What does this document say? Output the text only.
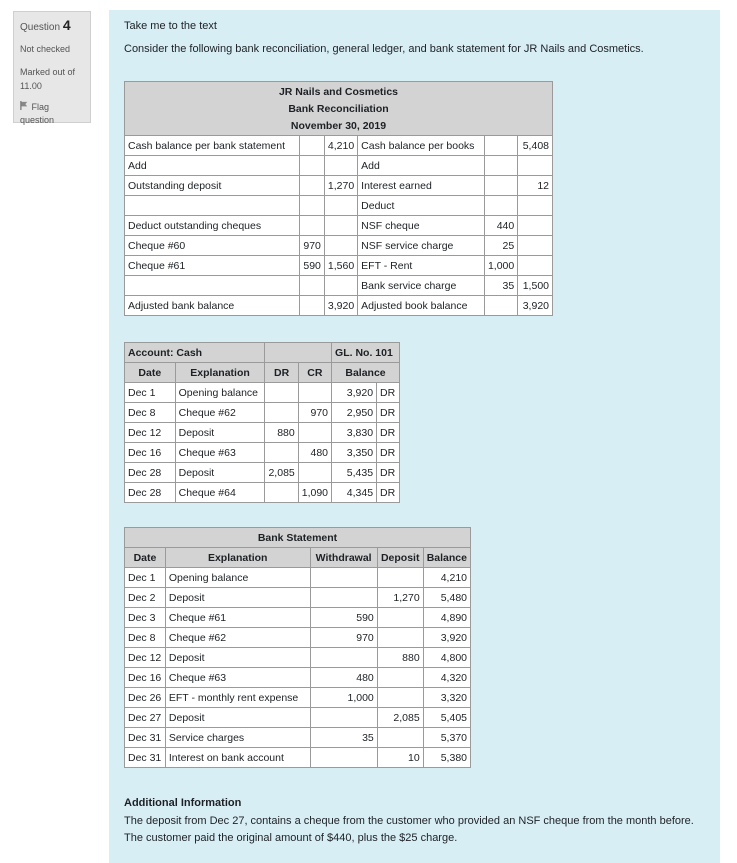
Question 4
Not checked
Marked out of
11.00
Flag question
Take me to the text
Consider the following bank reconciliation, general ledger, and bank statement for JR Nails and Cosmetics.
JR Nails and Cosmetics
Bank Reconciliation
November 30, 2019					

Cash balance per bank statement		4,210	Cash balance per books		5,408
Add			Add		
Outstanding deposit		1,270	Interest earned		12
			Deduct		
Deduct outstanding cheques			NSF cheque	440	
Cheque #60	970		NSF service charge	25	
Cheque #61	590	1,560	EFT - Rent	1,000	
			Bank service charge	35	1,500
Adjusted bank balance		3,920	Adjusted book balance		3,920
Account: Cash				GL. No. 101	
Date	Explanation	DR	CR	Balance	
Dec 1	Opening balance			3,920	DR
Dec 8	Cheque #62		970	2,950	DR
Dec 12	Deposit	880		3,830	DR
Dec 16	Cheque #63		480	3,350	DR
Dec 28	Deposit	2,085		5,435	DR
Dec 28	Cheque #64		1,090	4,345	DR
Bank Statement				
Date	Explanation	Withdrawal	Deposit	Balance
Dec 1	Opening balance			4,210
Dec 2	Deposit		1,270	5,480
Dec 3	Cheque #61	590		4,890
Dec 8	Cheque #62	970		3,920
Dec 12	Deposit		880	4,800
Dec 16	Cheque #63	480		4,320
Dec 26	EFT - monthly rent expense	1,000		3,320
Dec 27	Deposit		2,085	5,405
Dec 31	Service charges	35		5,370
Dec 31	Interest on bank account		10	5,380
Additional Information
The deposit from Dec 27, contains a cheque from the customer who provided an NSF cheque from the month before. The customer paid the original amount of $440, plus the $25 charge.
